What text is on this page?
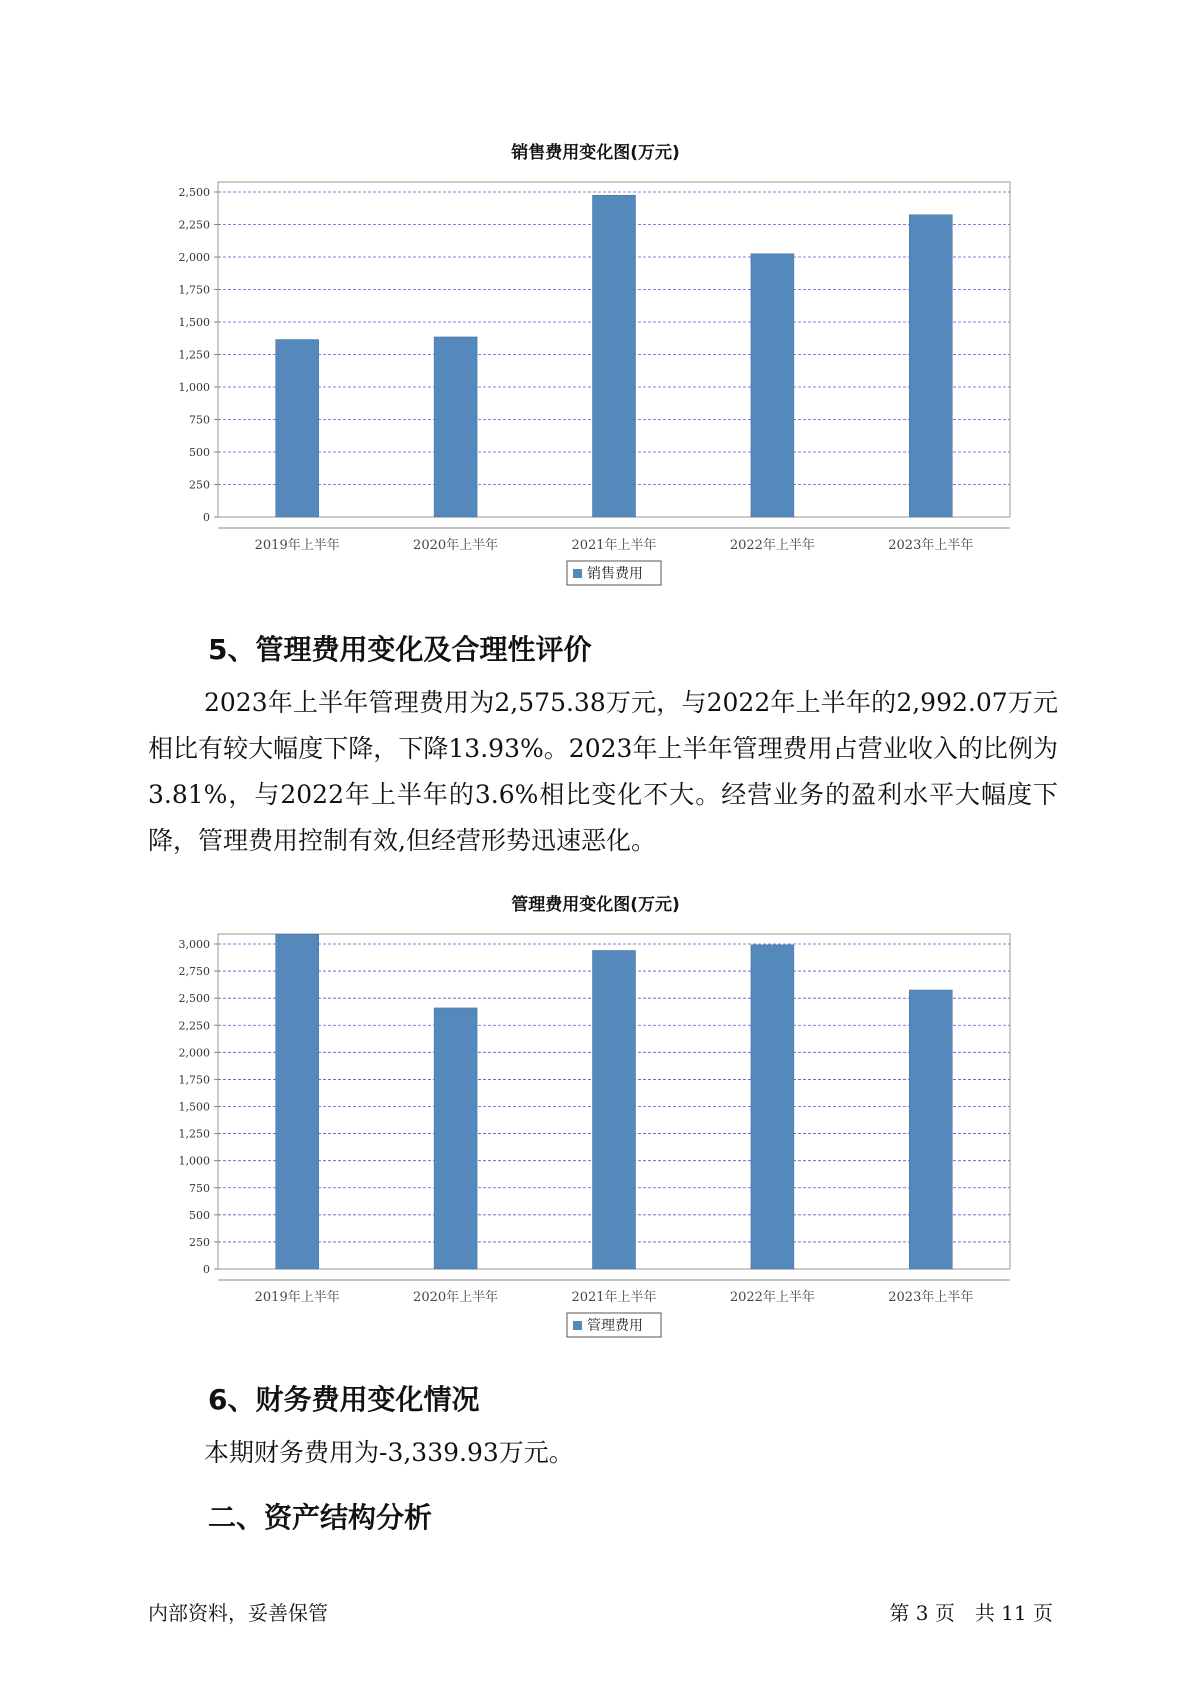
销售费用变化图(万元)
0
250
500
750
1,000
1,250
1,500
1,750
2,000
2,250
2,500
2019年上半年	2020年上半年	2021年上半年	2022年上半年	2023年上半年
销售费用
5、管理费用变化及合理性评价
2023年上半年管理费用为2,575.38万元，与2022年上半年的2,992.07万元相比有较大幅度下降，下降13.93%。2023年上半年管理费用占营业收入的比例为3.81%，与2022年上半年的3.6%相比变化不大。经营业务的盈利水平大幅度下降，管理费用控制有效,但经营形势迅速恶化。
管理费用变化图(万元)
0
250
500
750
1,000
1,250
1,500
1,750
2,000
2,250
2,500
2,750
3,000
2019年上半年	2020年上半年	2021年上半年	2022年上半年	2023年上半年
管理费用
6、财务费用变化情况
本期财务费用为-3,339.93万元。
二、资产结构分析
内部资料，妥善保管	第 3 页　共 11 页
